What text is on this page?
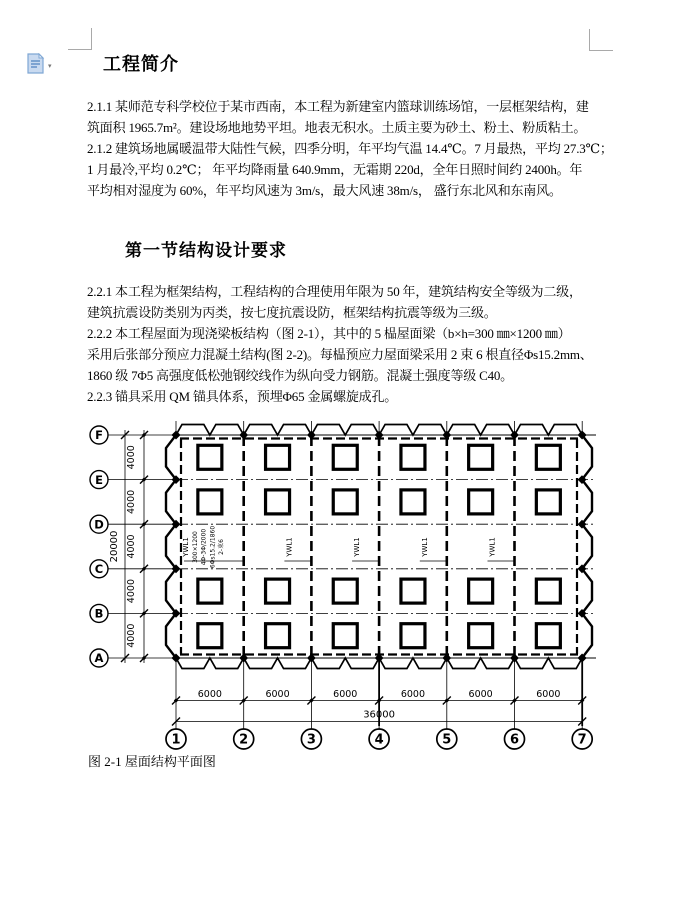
▾	工程简介
2.1.1 某师范专科学校位于某市西南，本工程为新建室内篮球训练场馆，一层框架结构，建
筑面积 1965.7m²。建设场地地势平坦。地表无积水。土质主要为砂土、粉土、粉质粘土。
2.1.2 建筑场地属暖温带大陆性气候，四季分明，年平均气温 14.4℃。7 月最热，平均 27.3℃；
1 月最冷,平均 0.2℃； 年平均降雨量 640.9mm，无霜期 220d，全年日照时间约 2400h。年
平均相对湿度为 60%，年平均风速为 3m/s，最大风速 38m/s， 盛行东北风和东南风。
第一节结构设计要求
2.2.1 本工程为框架结构，工程结构的合理使用年限为 50 年，建筑结构安全等级为二级，
建筑抗震设防类别为丙类，按七度抗震设防，框架结构抗震等级为三级。
2.2.2 本工程屋面为现浇梁板结构（图 2-1），其中的 5 榀屋面梁（b×h=300 ㎜×1200 ㎜）
采用后张部分预应力混凝土结构(图 2-2)。每榀预应力屋面梁采用 2 束 6 根直径Φs15.2mm、
1860 级 7Φ5 高强度低松弛钢绞线作为纵向受力钢筋。混凝土强度等级 C40。
2.2.3 锚具采用 QM 锚具体系，预埋Φ65 金属螺旋成孔。
F
E
D
C
B
A
20000
4000
4000
4000
4000
4000
1	2	3	4	5	6	7
6000	6000	6000	6000	6000	6000
36000
YWL1 300×1200 4Φ-3Φ/2000 6Φs15.2/1860 2-束6	YWL1	YWL1	YWL1	YWL1
图 2-1 屋面结构平面图
